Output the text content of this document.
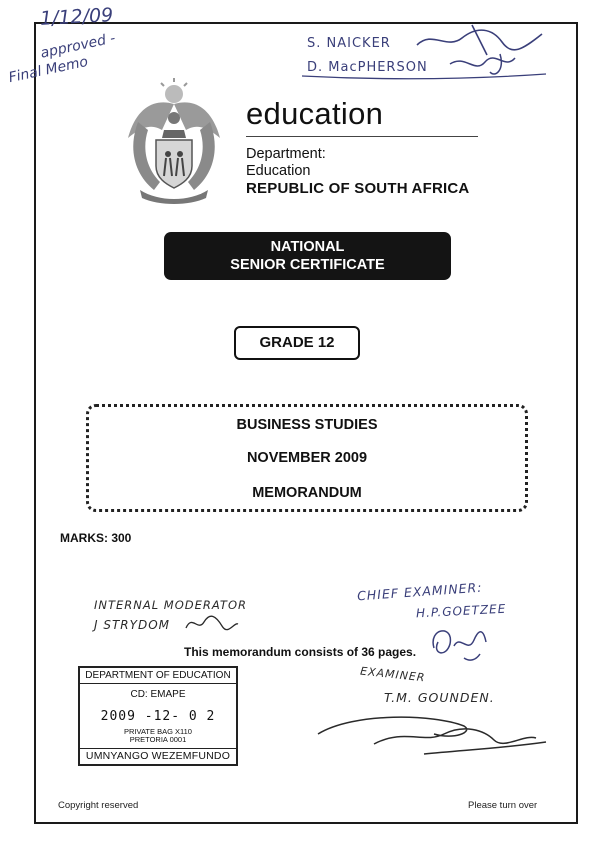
1/12/09
approved -
Final Memo
S. NAICKER
D. MacPHERSON
!KE E: /XARRA //KE
education
Department:
Education
REPUBLIC OF SOUTH AFRICA
NATIONAL
SENIOR CERTIFICATE
GRADE 12
BUSINESS STUDIES
NOVEMBER 2009
MEMORANDUM
MARKS: 300
INTERNAL MODERATOR
J STRYDOM
CHIEF EXAMINER:
H.P.GOETZEE
This memorandum consists of 36 pages.
EXAMINER
T.M. GOUNDEN.
DEPARTMENT OF EDUCATION
CD: EMAPE
2009 -12- 0 2
PRIVATE BAG X110
PRETORIA 0001
UMNYANGO WEZEMFUNDO
Copyright reserved	Please turn over
